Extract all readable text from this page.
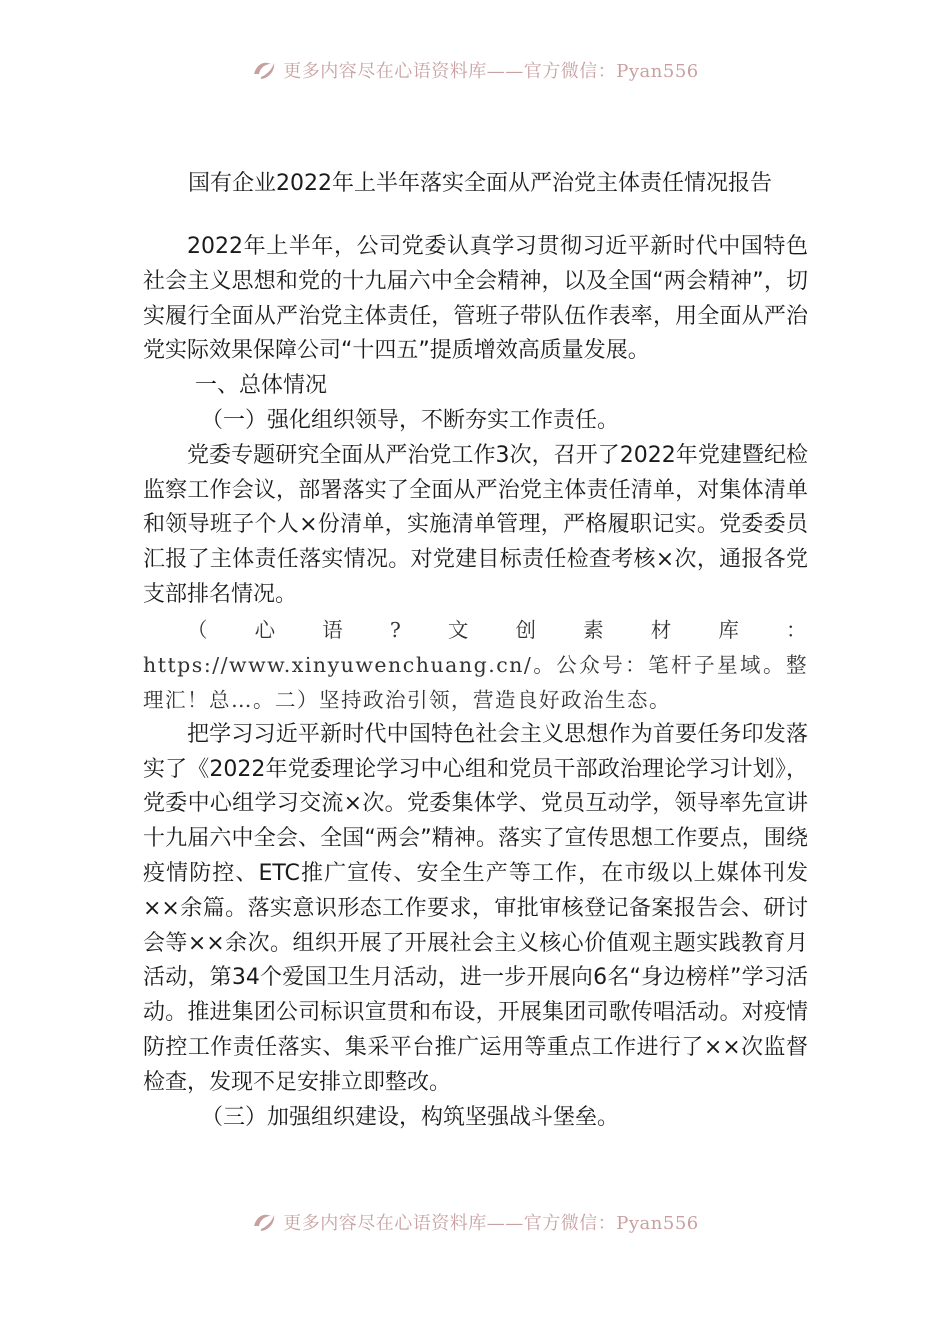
更多内容尽在心语资料库——官方微信：Pyan556
国有企业2022年上半年落实全面从严治党主体责任情况报告

2022年上半年，公司党委认真学习贯彻习近平新时代中国特色社会主义思想和党的十九届六中全会精神，以及全国“两会精神”，切实履行全面从严治党主体责任，管班子带队伍作表率，用全面从严治党实际效果保障公司“十四五”提质增效高质量发展。

一、总体情况

（一）强化组织领导，不断夯实工作责任。

党委专题研究全面从严治党工作3次，召开了2022年党建暨纪检监察工作会议，部署落实了全面从严治党主体责任清单，对集体清单和领导班子个人×份清单，实施清单管理，严格履职记实。党委委员汇报了主体责任落实情况。对党建目标责任检查考核×次，通报各党支部排名情况。

（心语?文创素材库：https://www.xinyuwenchuang.cn/。公众号：笔杆子星域。整理汇！总…。二）坚持政治引领，营造良好政治生态。

把学习习近平新时代中国特色社会主义思想作为首要任务印发落实了《2022年党委理论学习中心组和党员干部政治理论学习计划》，党委中心组学习交流×次。党委集体学、党员互动学，领导率先宣讲十九届六中全会、全国“两会”精神。落实了宣传思想工作要点，围绕疫情防控、ETC推广宣传、安全生产等工作，在市级以上媒体刊发××余篇。落实意识形态工作要求，审批审核登记备案报告会、研讨会等××余次。组织开展了开展社会主义核心价值观主题实践教育月活动，第34个爱国卫生月活动，进一步开展向6名“身边榜样”学习活动。推进集团公司标识宣贯和布设，开展集团司歌传唱活动。对疫情防控工作责任落实、集采平台推广运用等重点工作进行了××次监督检查，发现不足安排立即整改。

（三）加强组织建设，构筑坚强战斗堡垒。

更多内容尽在心语资料库——官方微信：Pyan556
